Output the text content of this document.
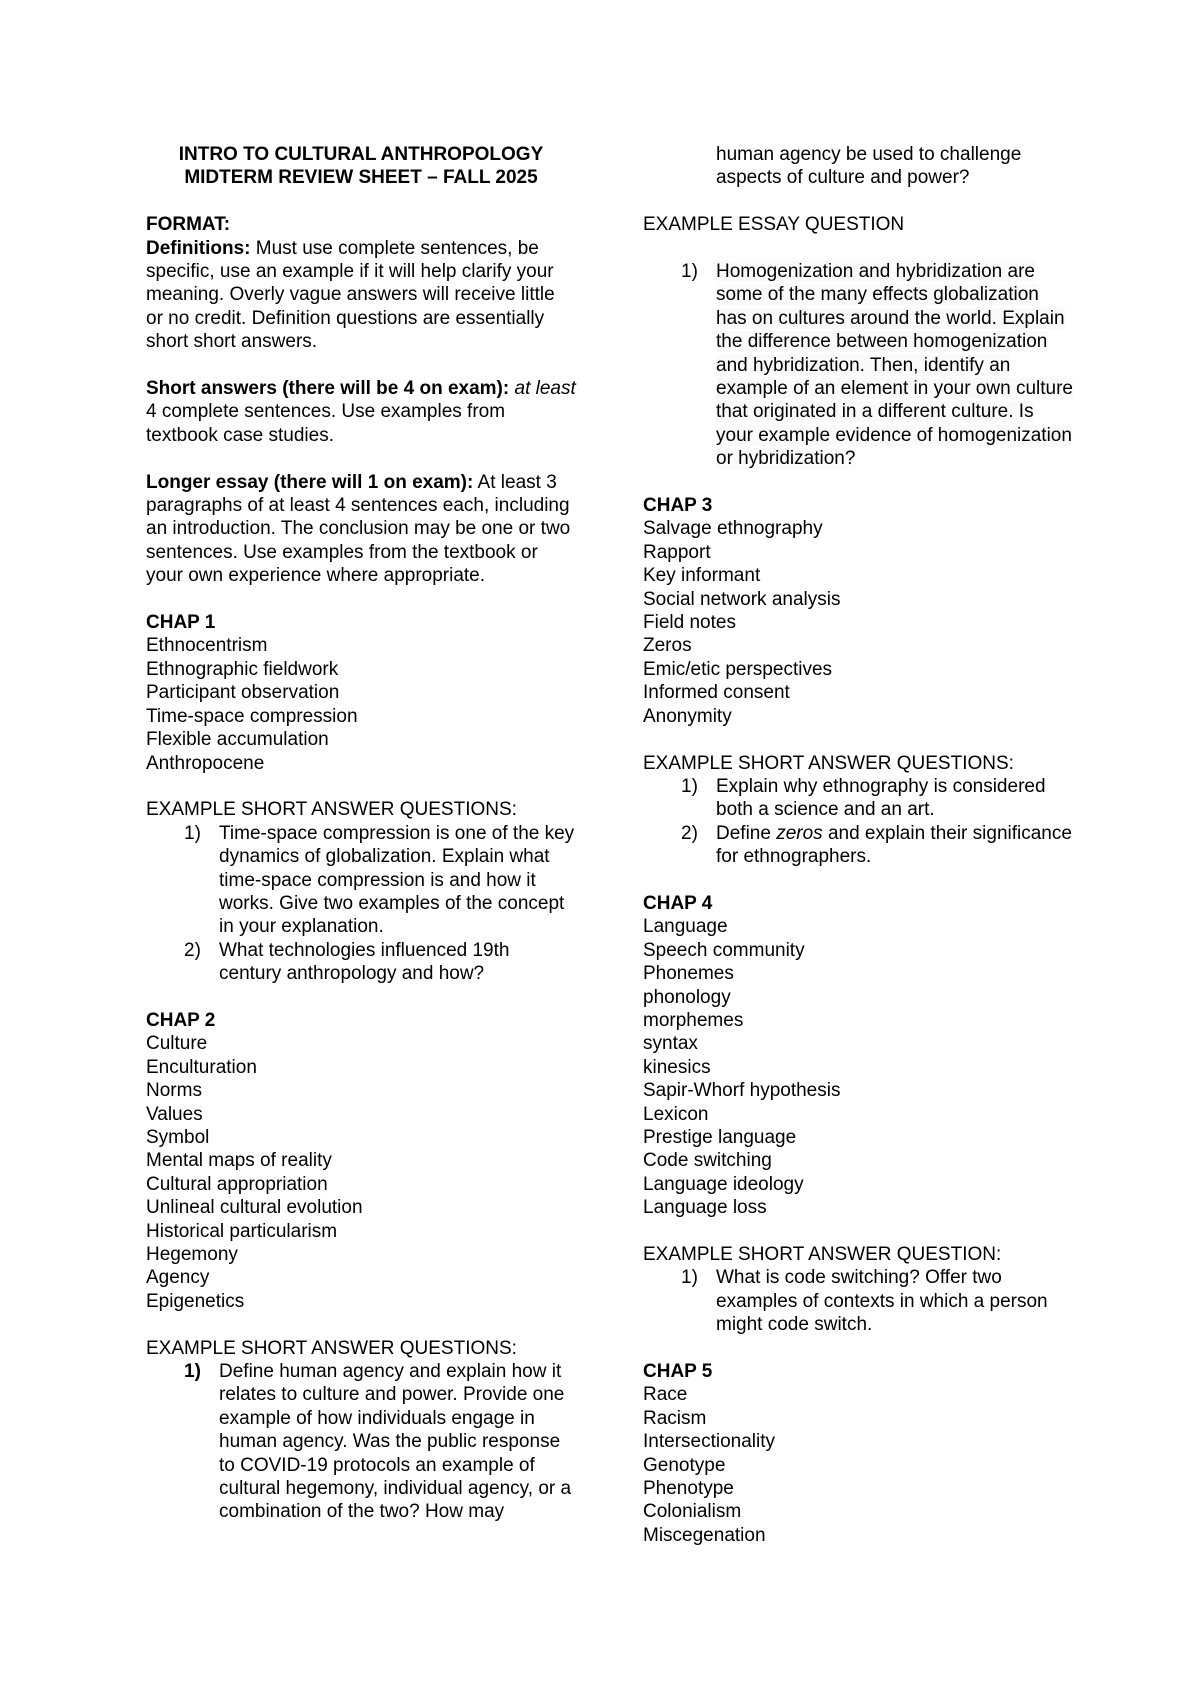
INTRO TO CULTURAL ANTHROPOLOGY

MIDTERM REVIEW SHEET – FALL 2025

FORMAT:

Definitions: Must use complete sentences, be specific, use an example if it will help clarify your meaning. Overly vague answers will receive little or no credit. Definition questions are essentially short short answers.

Short answers (there will be 4 on exam): at least 4 complete sentences. Use examples from textbook case studies.

Longer essay (there will 1 on exam): At least 3 paragraphs of at least 4 sentences each, including an introduction. The conclusion may be one or two sentences. Use examples from the textbook or your own experience where appropriate.

CHAP 1

Ethnocentrism
Ethnographic fieldwork
Participant observation
Time-space compression
Flexible accumulation
Anthropocene

EXAMPLE SHORT ANSWER QUESTIONS:

1) Time-space compression is one of the key dynamics of globalization. Explain what time-space compression is and how it works. Give two examples of the concept in your explanation.
2) What technologies influenced 19th century anthropology and how?

CHAP 2

Culture
Enculturation
Norms
Values
Symbol
Mental maps of reality
Cultural appropriation
Unlineal cultural evolution
Historical particularism
Hegemony
Agency
Epigenetics

EXAMPLE SHORT ANSWER QUESTIONS:

1) Define human agency and explain how it relates to culture and power. Provide one example of how individuals engage in human agency. Was the public response to COVID-19 protocols an example of cultural hegemony, individual agency, or a combination of the two? How may

human agency be used to challenge aspects of culture and power?

EXAMPLE ESSAY QUESTION

1) Homogenization and hybridization are some of the many effects globalization has on cultures around the world. Explain the difference between homogenization and hybridization. Then, identify an example of an element in your own culture that originated in a different culture. Is your example evidence of homogenization or hybridization?

CHAP 3

Salvage ethnography
Rapport
Key informant
Social network analysis
Field notes
Zeros
Emic/etic perspectives
Informed consent
Anonymity

EXAMPLE SHORT ANSWER QUESTIONS:

1) Explain why ethnography is considered both a science and an art.
2) Define zeros and explain their significance for ethnographers.

CHAP 4

Language
Speech community
Phonemes
phonology
morphemes
syntax
kinesics
Sapir-Whorf hypothesis
Lexicon
Prestige language
Code switching
Language ideology
Language loss

EXAMPLE SHORT ANSWER QUESTION:

1) What is code switching? Offer two examples of contexts in which a person might code switch.

CHAP 5

Race
Racism
Intersectionality
Genotype
Phenotype
Colonialism
Miscegenation
